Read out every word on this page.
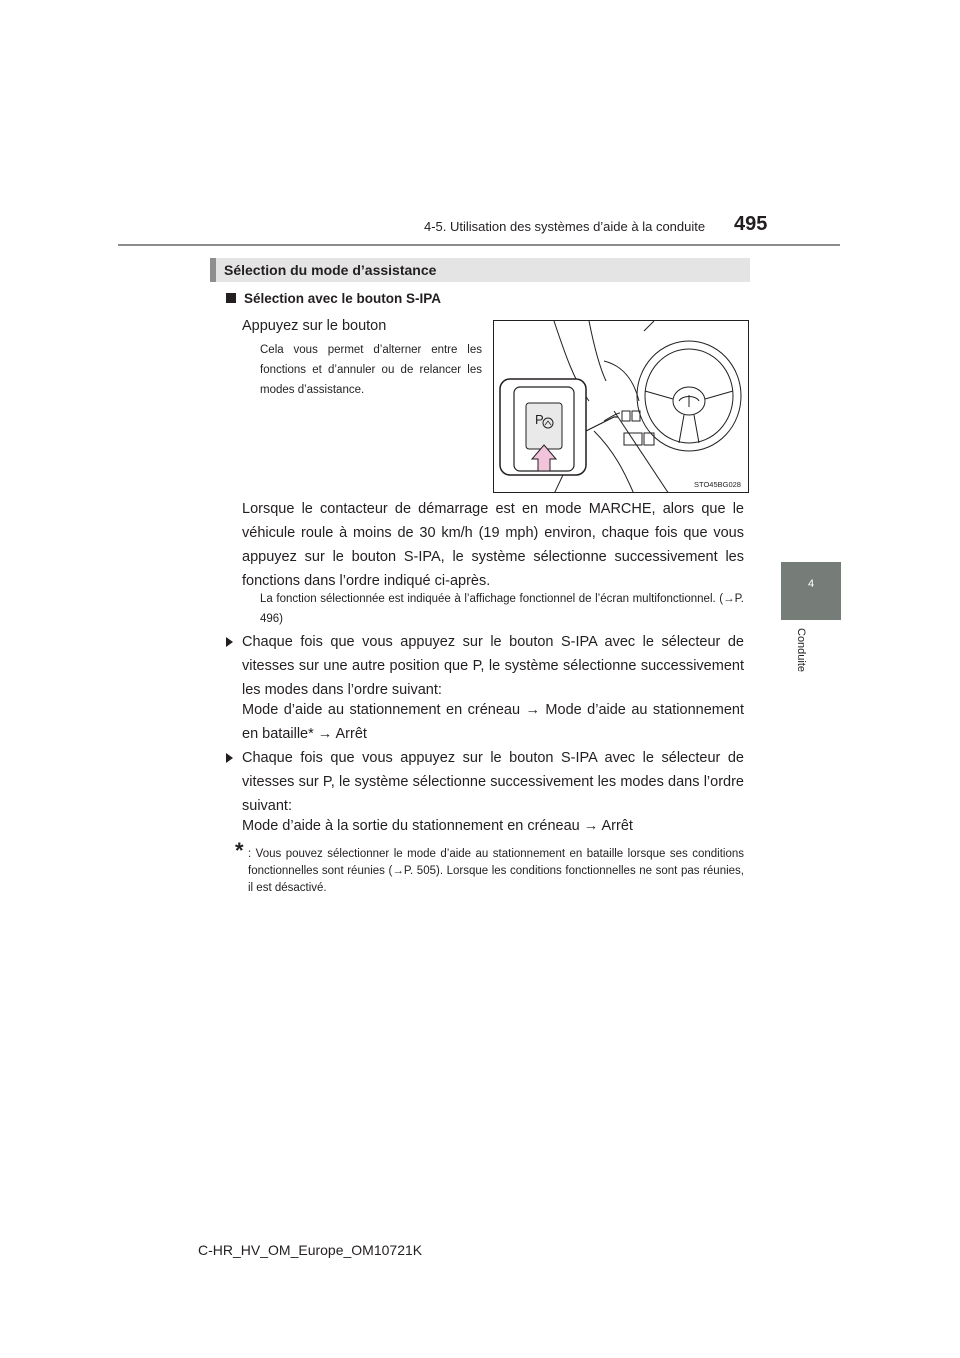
4-5. Utilisation des systèmes d’aide à la conduite	495
4
Conduite
Sélection du mode d’assistance
Sélection avec le bouton S-IPA
Appuyez sur le bouton
Cela vous permet d’alterner entre les fonctions et d’annuler ou de relancer les modes d’assistance.
P
STO45BG028
Lorsque le contacteur de démarrage est en mode MARCHE, alors que le véhicule roule à moins de 30 km/h (19 mph) environ, chaque fois que vous appuyez sur le bouton S-IPA, le système sélectionne successivement les fonctions dans l’ordre indiqué ci-après.
La fonction sélectionnée est indiquée à l’affichage fonctionnel de l’écran multifonctionnel. (→P. 496)
Chaque fois que vous appuyez sur le bouton S-IPA avec le sélecteur de vitesses sur une autre position que P, le système sélectionne successivement les modes dans l’ordre suivant:
Mode d’aide au stationnement en créneau → Mode d’aide au stationnement en bataille* → Arrêt
Chaque fois que vous appuyez sur le bouton S-IPA avec le sélecteur de vitesses sur P, le système sélectionne successivement les modes dans l’ordre suivant:
Mode d’aide à la sortie du stationnement en créneau → Arrêt
* : Vous pouvez sélectionner le mode d’aide au stationnement en bataille lorsque ses conditions fonctionnelles sont réunies (→P. 505). Lorsque les conditions fonctionnelles ne sont pas réunies, il est désactivé.
C-HR_HV_OM_Europe_OM10721K
